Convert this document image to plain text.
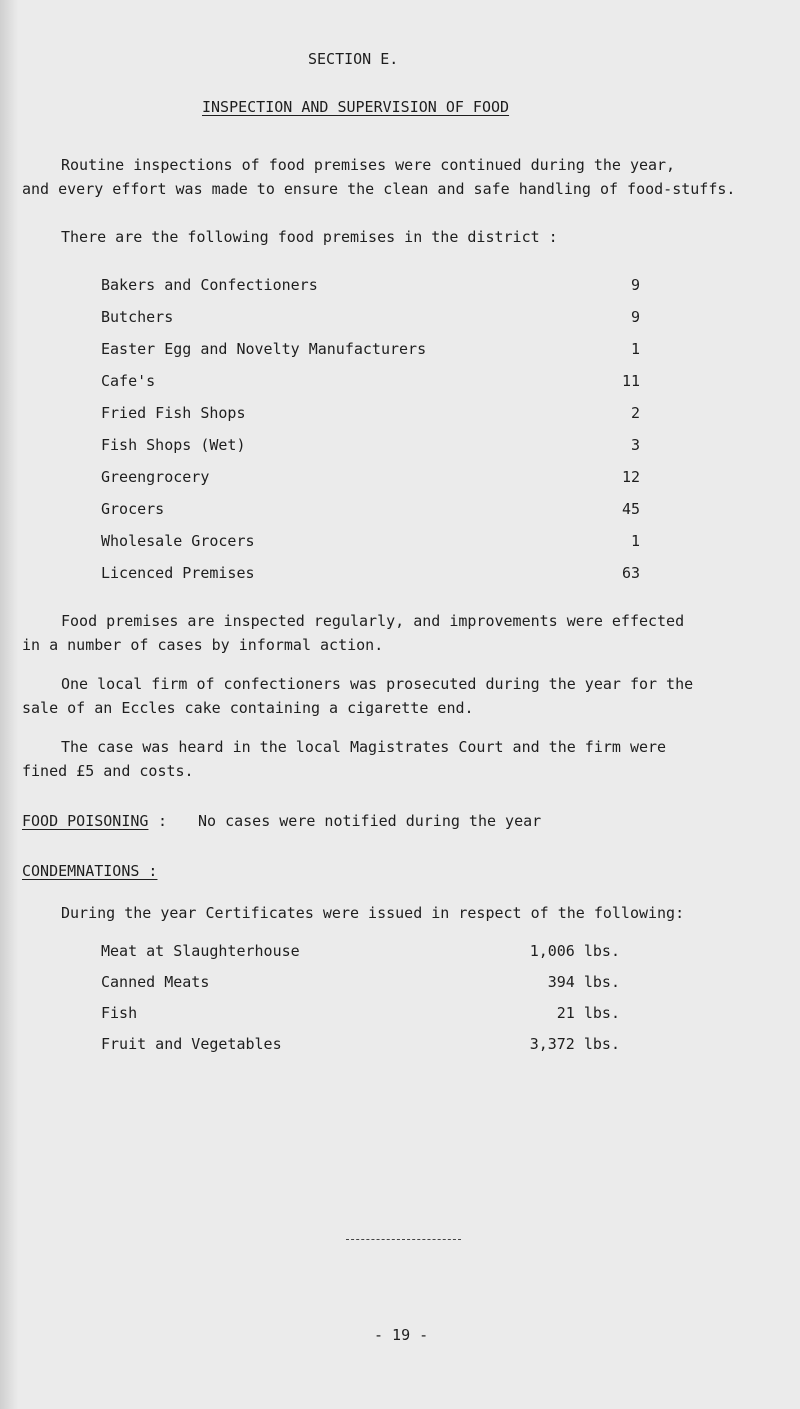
SECTION E.
INSPECTION AND SUPERVISION OF FOOD
Routine inspections of food premises were continued during the year,
and every effort was made to ensure the clean and safe handling of food-stuffs.
There are the following food premises in the district :
Bakers and Confectioners	9
Butchers	9
Easter Egg and Novelty Manufacturers	1
Cafe's	11
Fried Fish Shops	2
Fish Shops (Wet)	3
Greengrocery	12
Grocers	45
Wholesale Grocers	1
Licenced Premises	63
Food premises are inspected regularly, and improvements were effected
in a number of cases by informal action.
One local firm of confectioners was prosecuted during the year for the
sale of an Eccles cake containing a cigarette end.
The case was heard in the local Magistrates Court and the firm were
fined £5 and costs.
FOOD POISONING : No cases were notified during the year
CONDEMNATIONS :
During the year Certificates were issued in respect of the following:
Meat at Slaughterhouse	1,006 lbs.
Canned Meats	394 lbs.
Fish	21 lbs.
Fruit and Vegetables	3,372 lbs.
- 19 -
